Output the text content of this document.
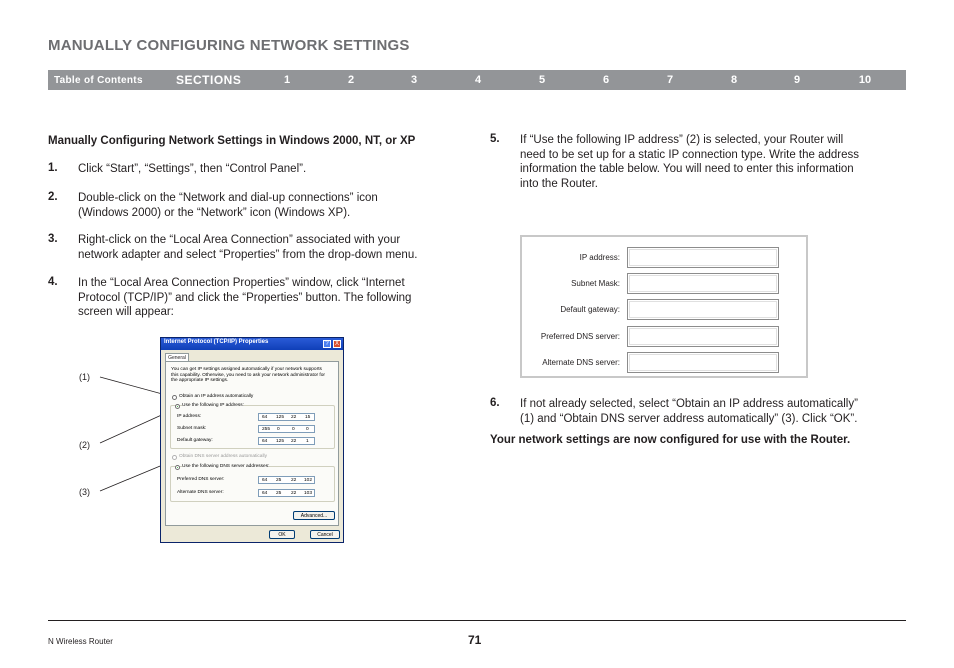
MANUALLY CONFIGURING NETWORK SETTINGS
Table of Contents	SECTIONS	1	2	3	4	5	6	7	8	9	10
Manually Configuring Network Settings in Windows 2000, NT, or XP
1. Click “Start”, “Settings”, then “Control Panel”.
2. Double-click on the “Network and dial-up connections” icon
(Windows 2000) or the “Network” icon (Windows XP).
3. Right-click on the “Local Area Connection” associated with your
network adapter and select “Properties” from the drop-down menu.
4. In the “Local Area Connection Properties” window, click “Internet
Protocol (TCP/IP)” and click the “Properties” button. The following
screen will appear:
(1)
(2)
(3)
Internet Protocol (TCP/IP) Properties	?	X
General
You can get IP settings assigned automatically if your network supports
this capability. Otherwise, you need to ask your network administrator for
the appropriate IP settings.
Obtain an IP address automatically
Use the following IP address:
IP address:	64 125 22 15
Subnet mask:	255 0	0 0
Default gateway:	64 125 22 1
Obtain DNS server address automatically
Use the following DNS server addresses:
Preferred DNS server:	64 25 22 102
Alternate DNS server:	64 25 22 103
Advanced...
OK	Cancel
5. If “Use the following IP address” (2) is selected, your Router will
need to be set up for a static IP connection type. Write the address
information the table below. You will need to enter this information
into the Router.
IP address:
Subnet Mask:
Default gateway:
Preferred DNS server:
Alternate DNS server:
6. If not already selected, select “Obtain an IP address automatically”
(1) and “Obtain DNS server address automatically” (3). Click “OK”.
Your network settings are now configured for use with the Router.
N Wireless Router	71
